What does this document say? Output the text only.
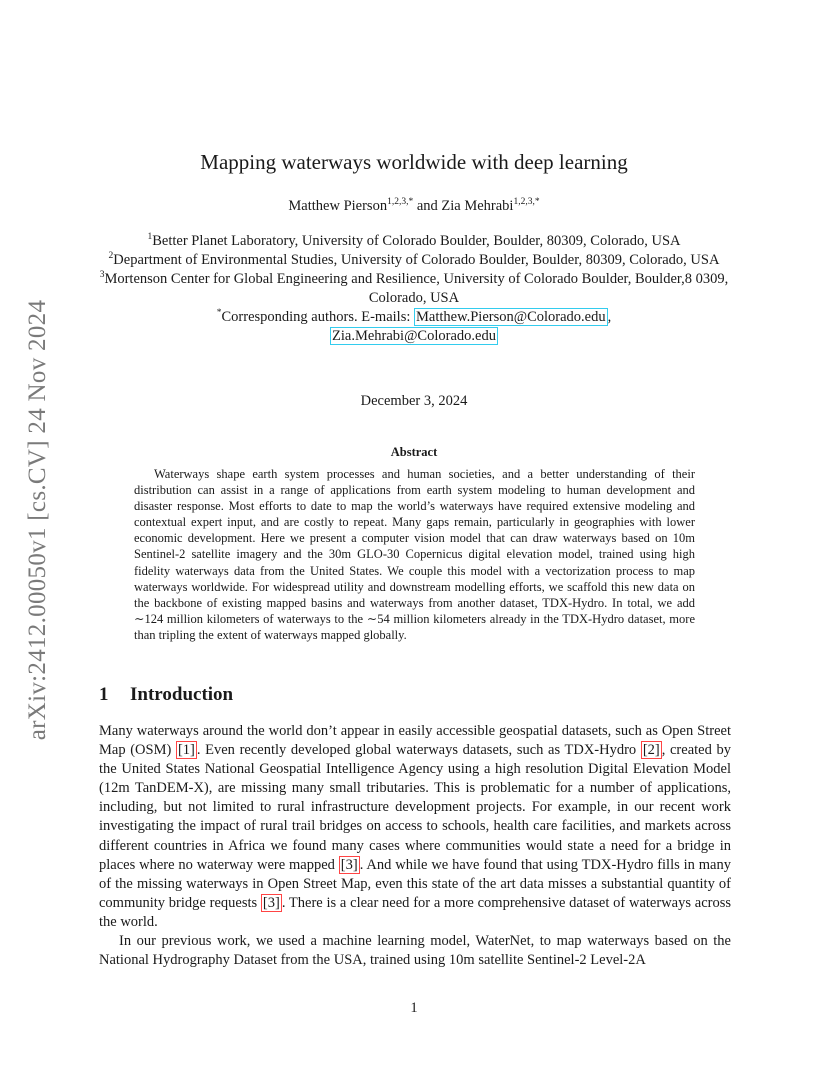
arXiv:2412.00050v1 [cs.CV] 24 Nov 2024
Mapping waterways worldwide with deep learning
Matthew Pierson$^{1,2,3,*}$ and Zia Mehrabi$^{1,2,3,*}$
$^1$Better Planet Laboratory, University of Colorado Boulder, Boulder, 80309, Colorado, USA
$^2$Department of Environmental Studies, University of Colorado Boulder, Boulder, 80309, Colorado, USA
$^3$Mortenson Center for Global Engineering and Resilience, University of Colorado Boulder, Boulder,8 0309, Colorado, USA
*Corresponding authors. E-mails: Matthew.Pierson@Colorado.edu ,
Zia.Mehrabi@Colorado.edu
December 3, 2024
Abstract

Waterways shape earth system processes and human societies, and a better understanding of their distribution can assist in a range of applications from earth system modeling to human development and disaster response. Most efforts to date to map the world’s waterways have required extensive modeling and contextual expert input, and are costly to repeat. Many gaps remain, particularly in geographies with lower economic development. Here we present a computer vision model that can draw waterways based on 10m Sentinel-2 satellite imagery and the 30m GLO-30 Copernicus digital elevation model, trained using high fidelity waterways data from the United States. We couple this model with a vectorization process to map waterways worldwide. For widespread utility and downstream modelling efforts, we scaffold this new data on the backbone of existing mapped basins and waterways from another dataset, TDX-Hydro. In total, we add ∼124 million kilometers of waterways to the ∼54 million kilometers already in the TDX-Hydro dataset, more than tripling the extent of waterways mapped globally.

1 Introduction

Many waterways around the world don’t appear in easily accessible geospatial datasets, such as Open Street Map (OSM) [1] . Even recently developed global waterways datasets, such as TDX-Hydro [2] , created by the United States National Geospatial Intelligence Agency using a high resolution Digital Elevation Model (12m TanDEM-X), are missing many small tributaries. This is problematic for a number of applications, including, but not limited to rural infrastructure development projects. For example, in our recent work investigating the impact of rural trail bridges on access to schools, health care facilities, and markets across different countries in Africa we found many cases where communities would state a need for a bridge in places where no waterway were mapped [3] . And while we have found that using TDX-Hydro fills in many of the missing waterways in Open Street Map, even this state of the art data misses a substantial quantity of community bridge requests [3] . There is a clear need for a more comprehensive dataset of waterways across the world.

In our previous work, we used a machine learning model, WaterNet, to map waterways based on the National Hydrography Dataset from the USA, trained using 10m satellite Sentinel-2 Level-2A

1
